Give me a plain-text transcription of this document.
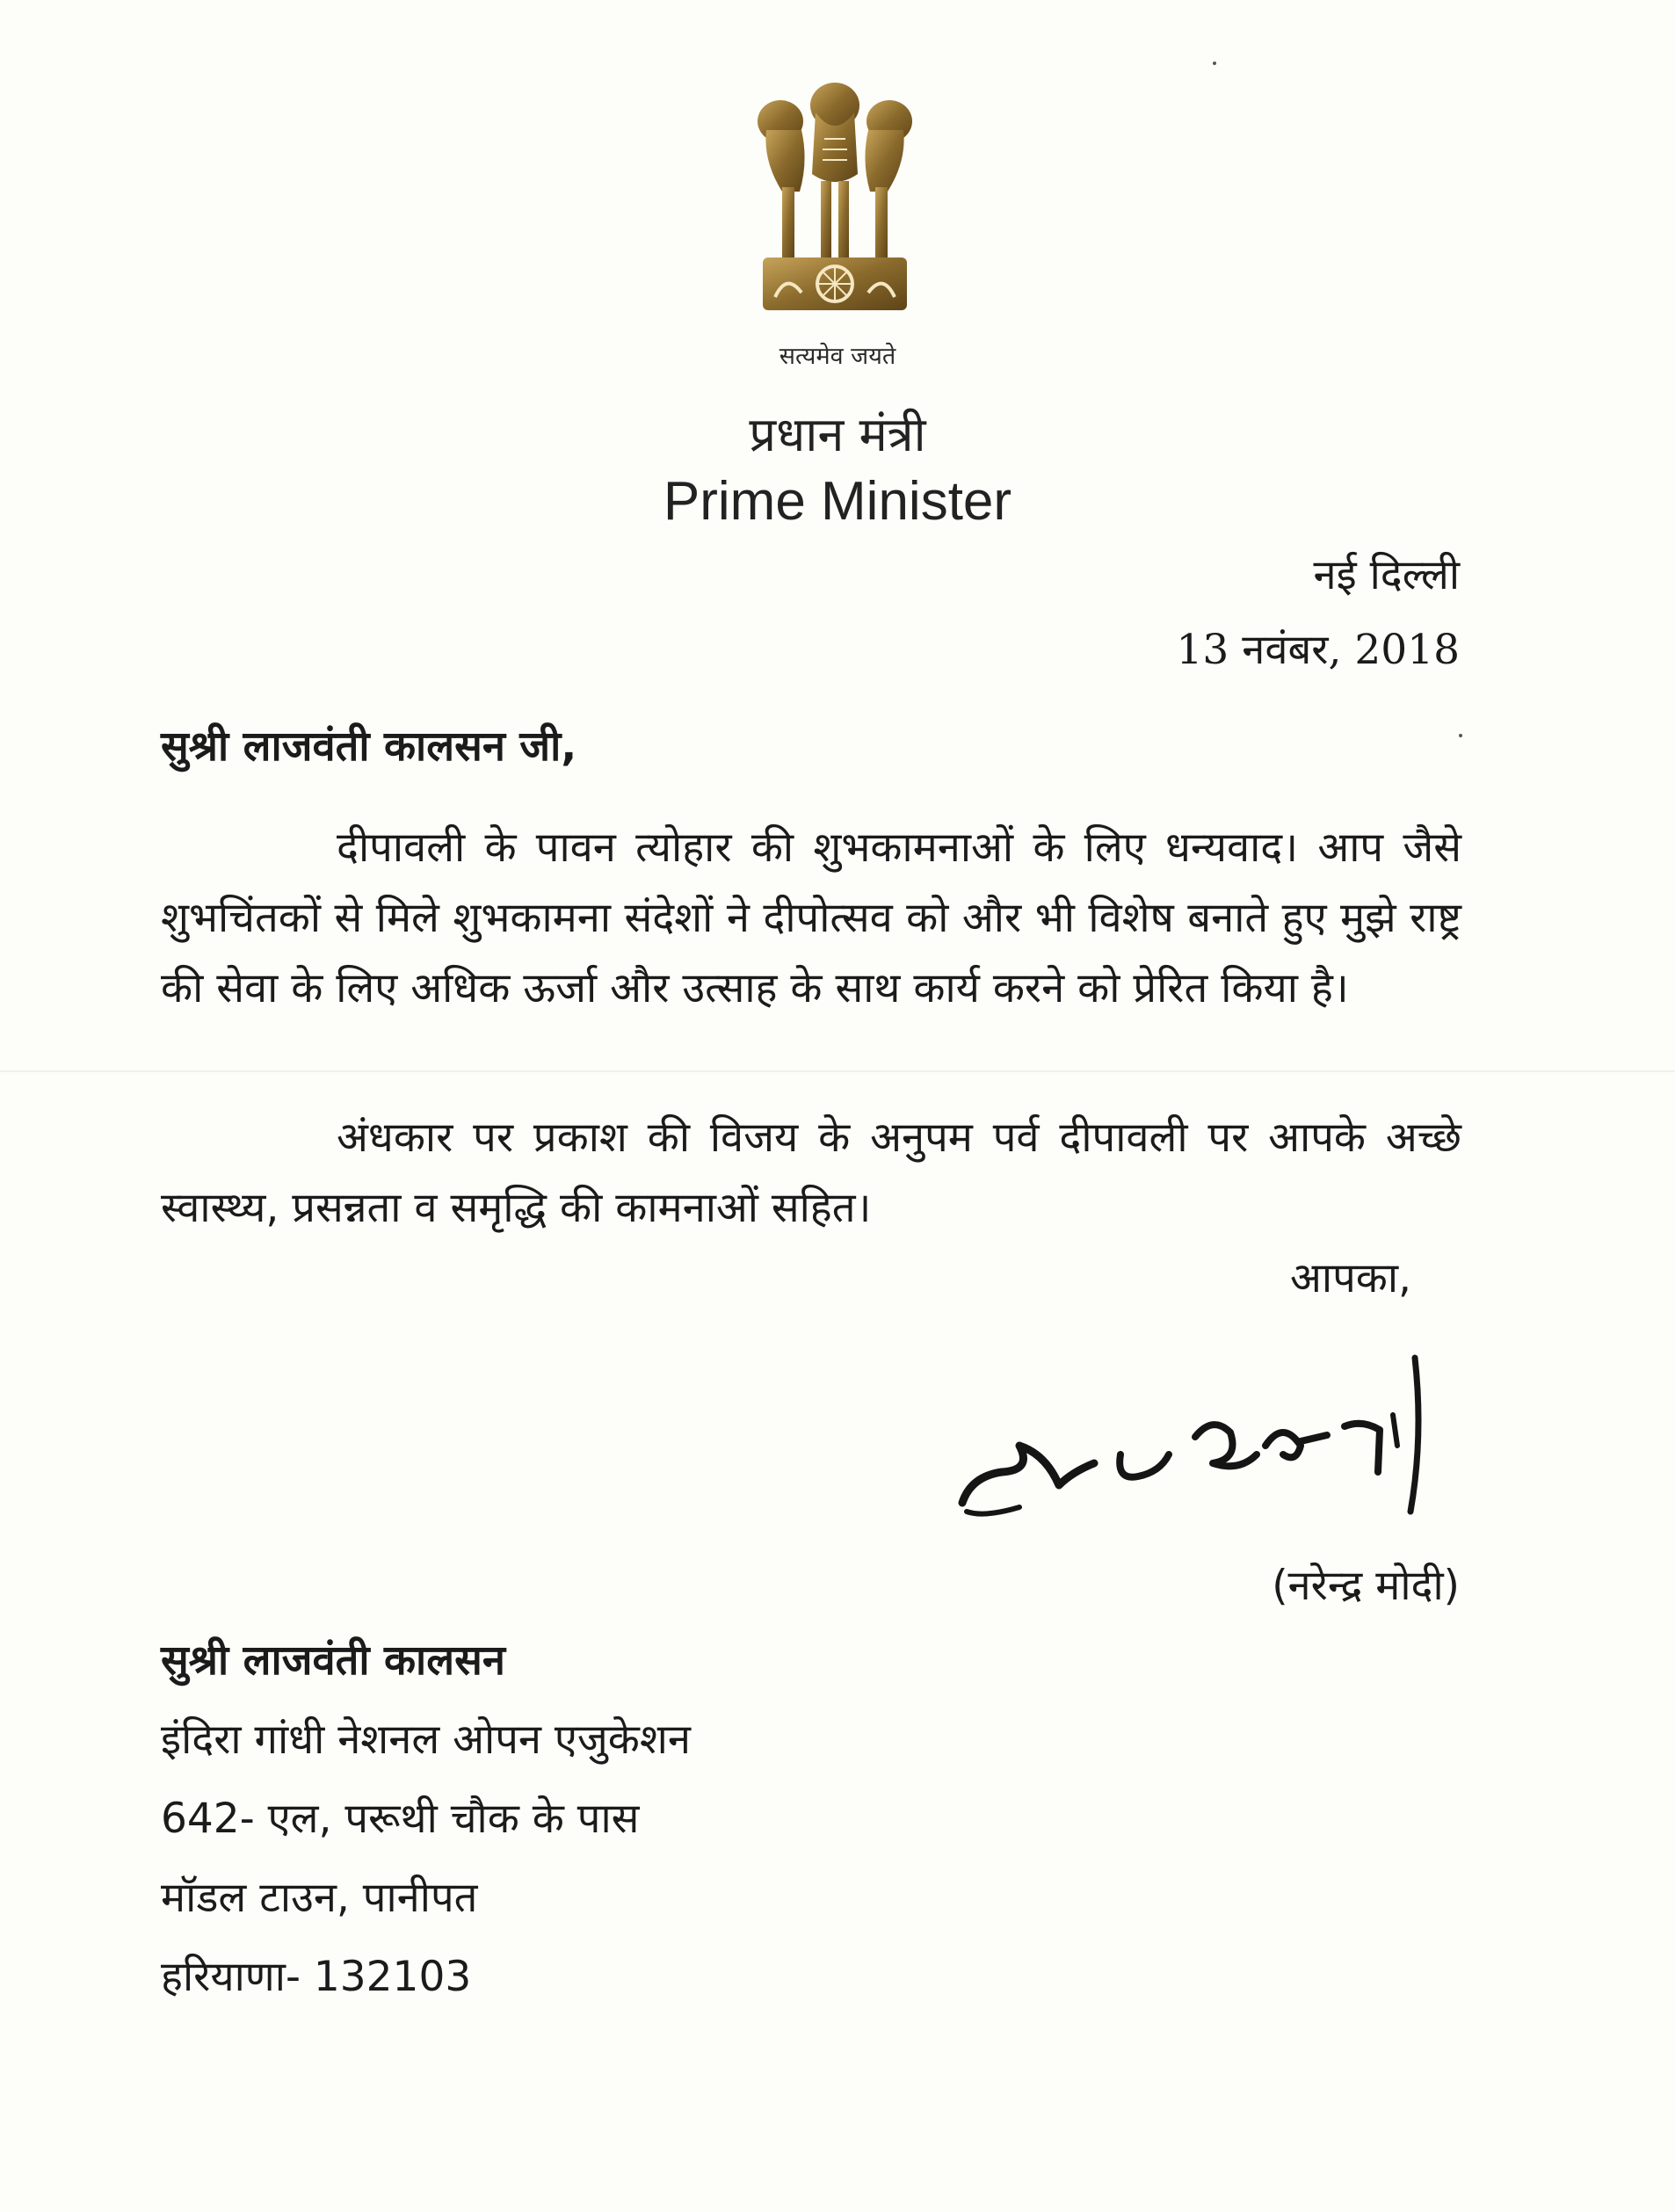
सत्यमेव जयते
प्रधान मंत्री
Prime Minister
नई दिल्ली
13 नवंबर, 2018
सुश्री लाजवंती कालसन जी,
दीपावली के पावन त्योहार की शुभकामनाओं के लिए धन्यवाद। आप जैसे शुभचिंतकों से मिले शुभकामना संदेशों ने दीपोत्सव को और भी विशेष बनाते हुए मुझे राष्ट्र की सेवा के लिए अधिक ऊर्जा और उत्साह के साथ कार्य करने को प्रेरित किया है।
अंधकार पर प्रकाश की विजय के अनुपम पर्व दीपावली पर आपके अच्छे स्वास्थ्य, प्रसन्नता व समृद्धि की कामनाओं सहित।
आपका,
(नरेन्द्र मोदी)
सुश्री लाजवंती कालसन
इंदिरा गांधी नेशनल ओपन एजुकेशन
642- एल, परूथी चौक के पास
मॉडल टाउन, पानीपत
हरियाणा- 132103
